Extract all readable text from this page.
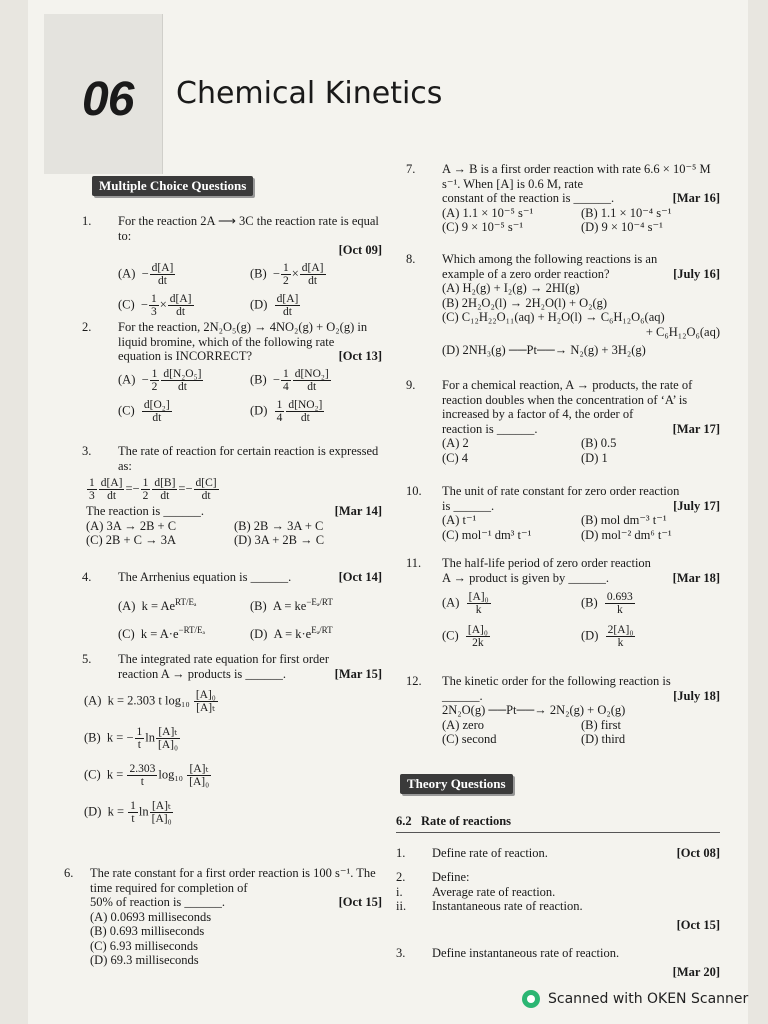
06 Chemical Kinetics
Multiple Choice Questions
1.	For the reaction 2A ⟶ 3C the reaction rate is equal to:
[Oct 09]
$(A) - \frac{d[A]}{dt}$	$(B) - \frac{1}{2} \times \frac{d[A]}{dt}$
$(C) - \frac{1}{3} \times \frac{d[A]}{dt}$	$(D) \frac{d[A]}{dt}$
2.	For the reaction, 2N₂O₅(g) → 4NO₂(g) + O₂(g) in liquid bromine, which of the following rate
equation is INCORRECT?	[Oct 13]
$(A) - \frac{1}{2} \frac{\text{d[N₂O₅]}}{dt}$	$(B) - \frac{1}{4} \frac{\text{d[NO₂]}}{dt}$
$(C) \frac{\text{d[O₂]}}{dt}$	$(D) \frac{1}{4} \frac{\text{d[NO₂]}}{dt}$
3.	The rate of reaction for certain reaction is expressed as:
$\frac{1}{3} \frac{d[A]}{dt} =- \frac{1}{2} \frac{d[B]}{dt} =- \frac{d[C]}{dt}$
The reaction is ______.	[Mar 14]
(A) 3A → 2B + C	(B) 2B → 3A + C
(C) 2B + C → 3A	(D) 3A + 2B → C
4.	The Arrhenius equation is ______.	[Oct 14]
(A)  $k = Ae^{RT/E_a}$	(B)  $A = ke^{-E_a/RT}$
(C)  $k = A\cdot e^{-RT/E_a}$	(D)  $A = k\cdot e^{E_a/RT}$
5.	The integrated rate equation for first order
reaction A → products is ______.	[Mar 15]
(A)  k = 2.303 t $\log_{10} \frac{\text{[A]₀}}{\text{[A]ₜ}}$
(B)  k = − $\frac{1}{t}$ $\ln \frac{\text{[A]ₜ}}{\text{[A]₀}}$
(C)  $k = \frac{2.303}{t} \log_{10} \frac{\text{[A]ₜ}}{\text{[A]₀}}$
(D)  $k = \frac{1}{t}$ $\ln \frac{\text{[A]ₜ}}{\text{[A]₀}}$
6.	The rate constant for a first order reaction is 100 s⁻¹. The time required for completion of
50% of reaction is ______.	[Oct 15]
(A) 0.0693 milliseconds
(B) 0.693 milliseconds
(C) 6.93 milliseconds
(D) 69.3 milliseconds
7.	A → B is a first order reaction with rate 6.6 × 10⁻⁵ M s⁻¹. When [A] is 0.6 M, rate
constant of the reaction is ______.	[Mar 16]
(A) 1.1 × 10⁻⁵ s⁻¹	(B) 1.1 × 10⁻⁴ s⁻¹
(C) 9 × 10⁻⁵ s⁻¹	(D) 9 × 10⁻⁴ s⁻¹
8.	Which among the following reactions is an
example of a zero order reaction?	[July 16]
(A) H₂(g) + I₂(g) → 2HI(g)
(B) 2H₂O₂(l) → 2H₂O(l) + O₂(g)
(C) C₁₂H₂₂O₁₁(aq) + H₂O(l) → C₆H₁₂O₆(aq)
+ C₆H₁₂O₆(aq)
(D) 2NH₃(g) ──Pt──→ N₂(g) + 3H₂(g)
9.	For a chemical reaction, A → products, the rate of reaction doubles when the concentration of ‘A’ is increased by a factor of 4, the order of
reaction is ______.	[Mar 17]
(A) 2	(B) 0.5
(C) 4	(D) 1
10.	The unit of rate constant for zero order reaction
is ______.	[July 17]
(A) t⁻¹	(B) mol dm⁻³ t⁻¹
(C) mol⁻¹ dm³ t⁻¹	(D) mol⁻² dm⁶ t⁻¹
11.	The half-life period of zero order reaction
A → product is given by ______.	[Mar 18]
$(A) \frac{\text{[A]₀}}{k}$	$(B) \frac{0.693}{k}$
$(C) \frac{\text{[A]₀}}{2k}$	$(D) \frac{\text{2[A]₀}}{k}$
12.	The kinetic order for the following reaction is
______.	[July 18]
2N₂O(g) ──Pt──→ 2N₂(g) + O₂(g)
(A) zero	(B) first
(C) second	(D) third
Theory Questions
6.2 Rate of reactions
1.	Define rate of reaction.	[Oct 08]
2.	Define:
i.	Average rate of reaction.
ii.	Instantaneous rate of reaction.
[Oct 15]
3.	Define instantaneous rate of reaction.
[Mar 20]
Scanned with OKEN Scanner
